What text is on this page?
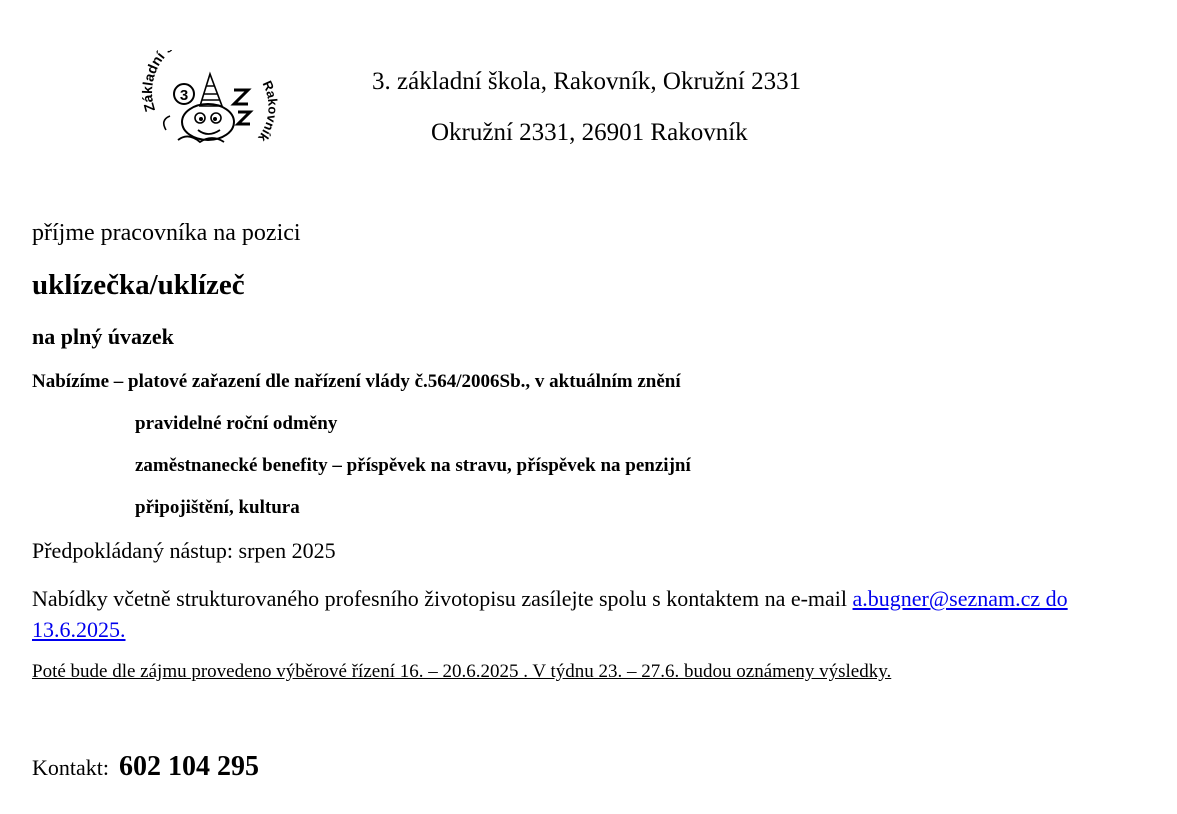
Základní
Rakovník
3
3. základní škola, Rakovník, Okružní 2331
Okružní 2331, 26901 Rakovník
příjme pracovníka na pozici
uklízečka/uklízeč
na plný úvazek
Nabízíme – platové zařazení dle nařízení vlády č.564/2006Sb., v aktuálním znění
pravidelné roční odměny
zaměstnanecké benefity – příspěvek na stravu, příspěvek na penzijní
připojištění, kultura
Předpokládaný nástup: srpen 2025
Nabídky včetně strukturovaného profesního životopisu zasílejte spolu s kontaktem na e-mail a.bugner@seznam.cz do 13.6.2025.
Poté bude dle zájmu provedeno výběrové řízení 16. – 20.6.2025 . V týdnu 23. – 27.6. budou oznámeny výsledky.
Kontakt: 602 104 295
